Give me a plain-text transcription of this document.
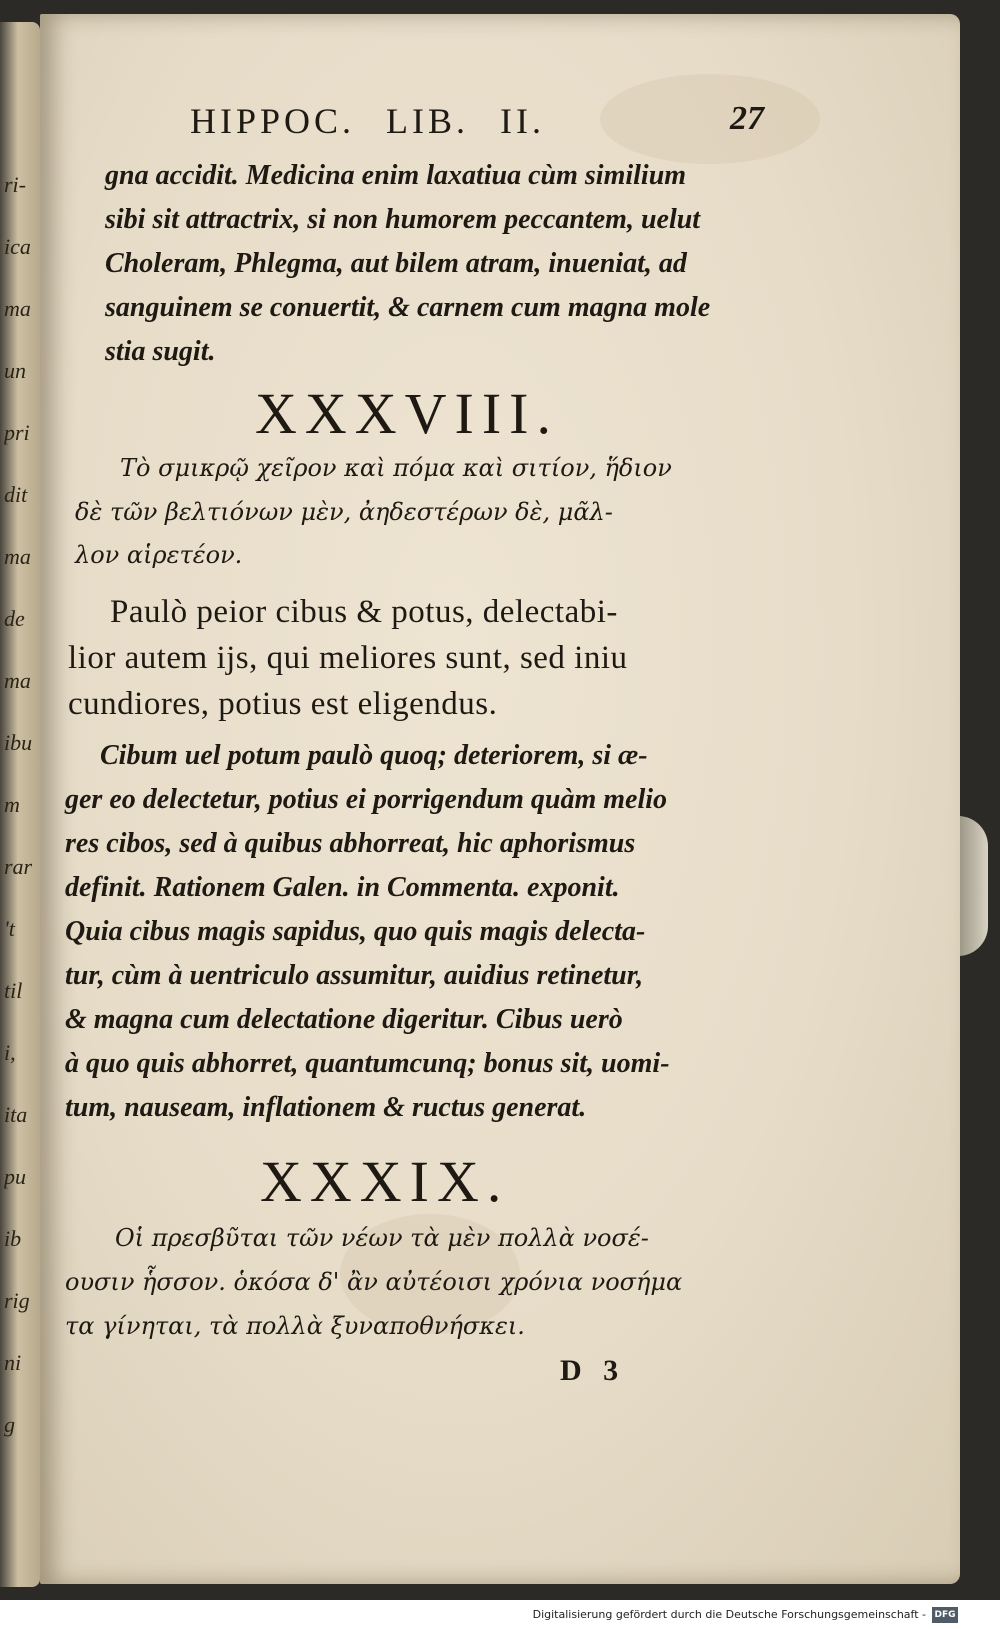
ri-
ica
ma
un
pri
dit
ma
de
ma
ibu
m
rar
't
til
i,
ita
pu
ib
rig
ni
g
HIPPOC. LIB. II.	27
gna accidit. Medicina enim laxatiua cùm similium
sibi sit attractrix, si non humorem peccantem, uelut
Choleram, Phlegma, aut bilem atram, inueniat, ad
sanguinem se conuertit, & carnem cum magna mole
stia sugit.
XXXVIII.
Τὸ σμικρῷ χεῖρον καὶ πόμα καὶ σιτίον, ἥδιον
δὲ τῶν βελτιόνων μὲν, ἀηδεστέρων δὲ, μᾶλ-
λον αἱρετέον.
Paulò peior cibus & potus, delectabi-
lior autem ijs, qui meliores sunt, sed iniu
cundiores, potius est eligendus.
Cibum uel potum paulò quoq; deteriorem, si æ-
ger eo delectetur, potius ei porrigendum quàm melio
res cibos, sed à quibus abhorreat, hic aphorismus
definit. Rationem Galen. in Commenta. exponit.
Quia cibus magis sapidus, quo quis magis delecta-
tur, cùm à uentriculo assumitur, auidius retinetur,
& magna cum delectatione digeritur. Cibus uerò
à quo quis abhorret, quantumcunq; bonus sit, uomi-
tum, nauseam, inflationem & ructus generat.
XXXIX.
Οἱ πρεσβῦται τῶν νέων τὰ μὲν πολλὰ νοσέ-
ουσιν ἧσσον. ὁκόσα δ' ἂν αὐτέοισι χρόνια νοσήμα
τα γίνηται, τὰ πολλὰ ξυναποθνήσκει.
D 3
Digitalisierung gefördert durch die Deutsche Forschungsgemeinschaft - DFG
